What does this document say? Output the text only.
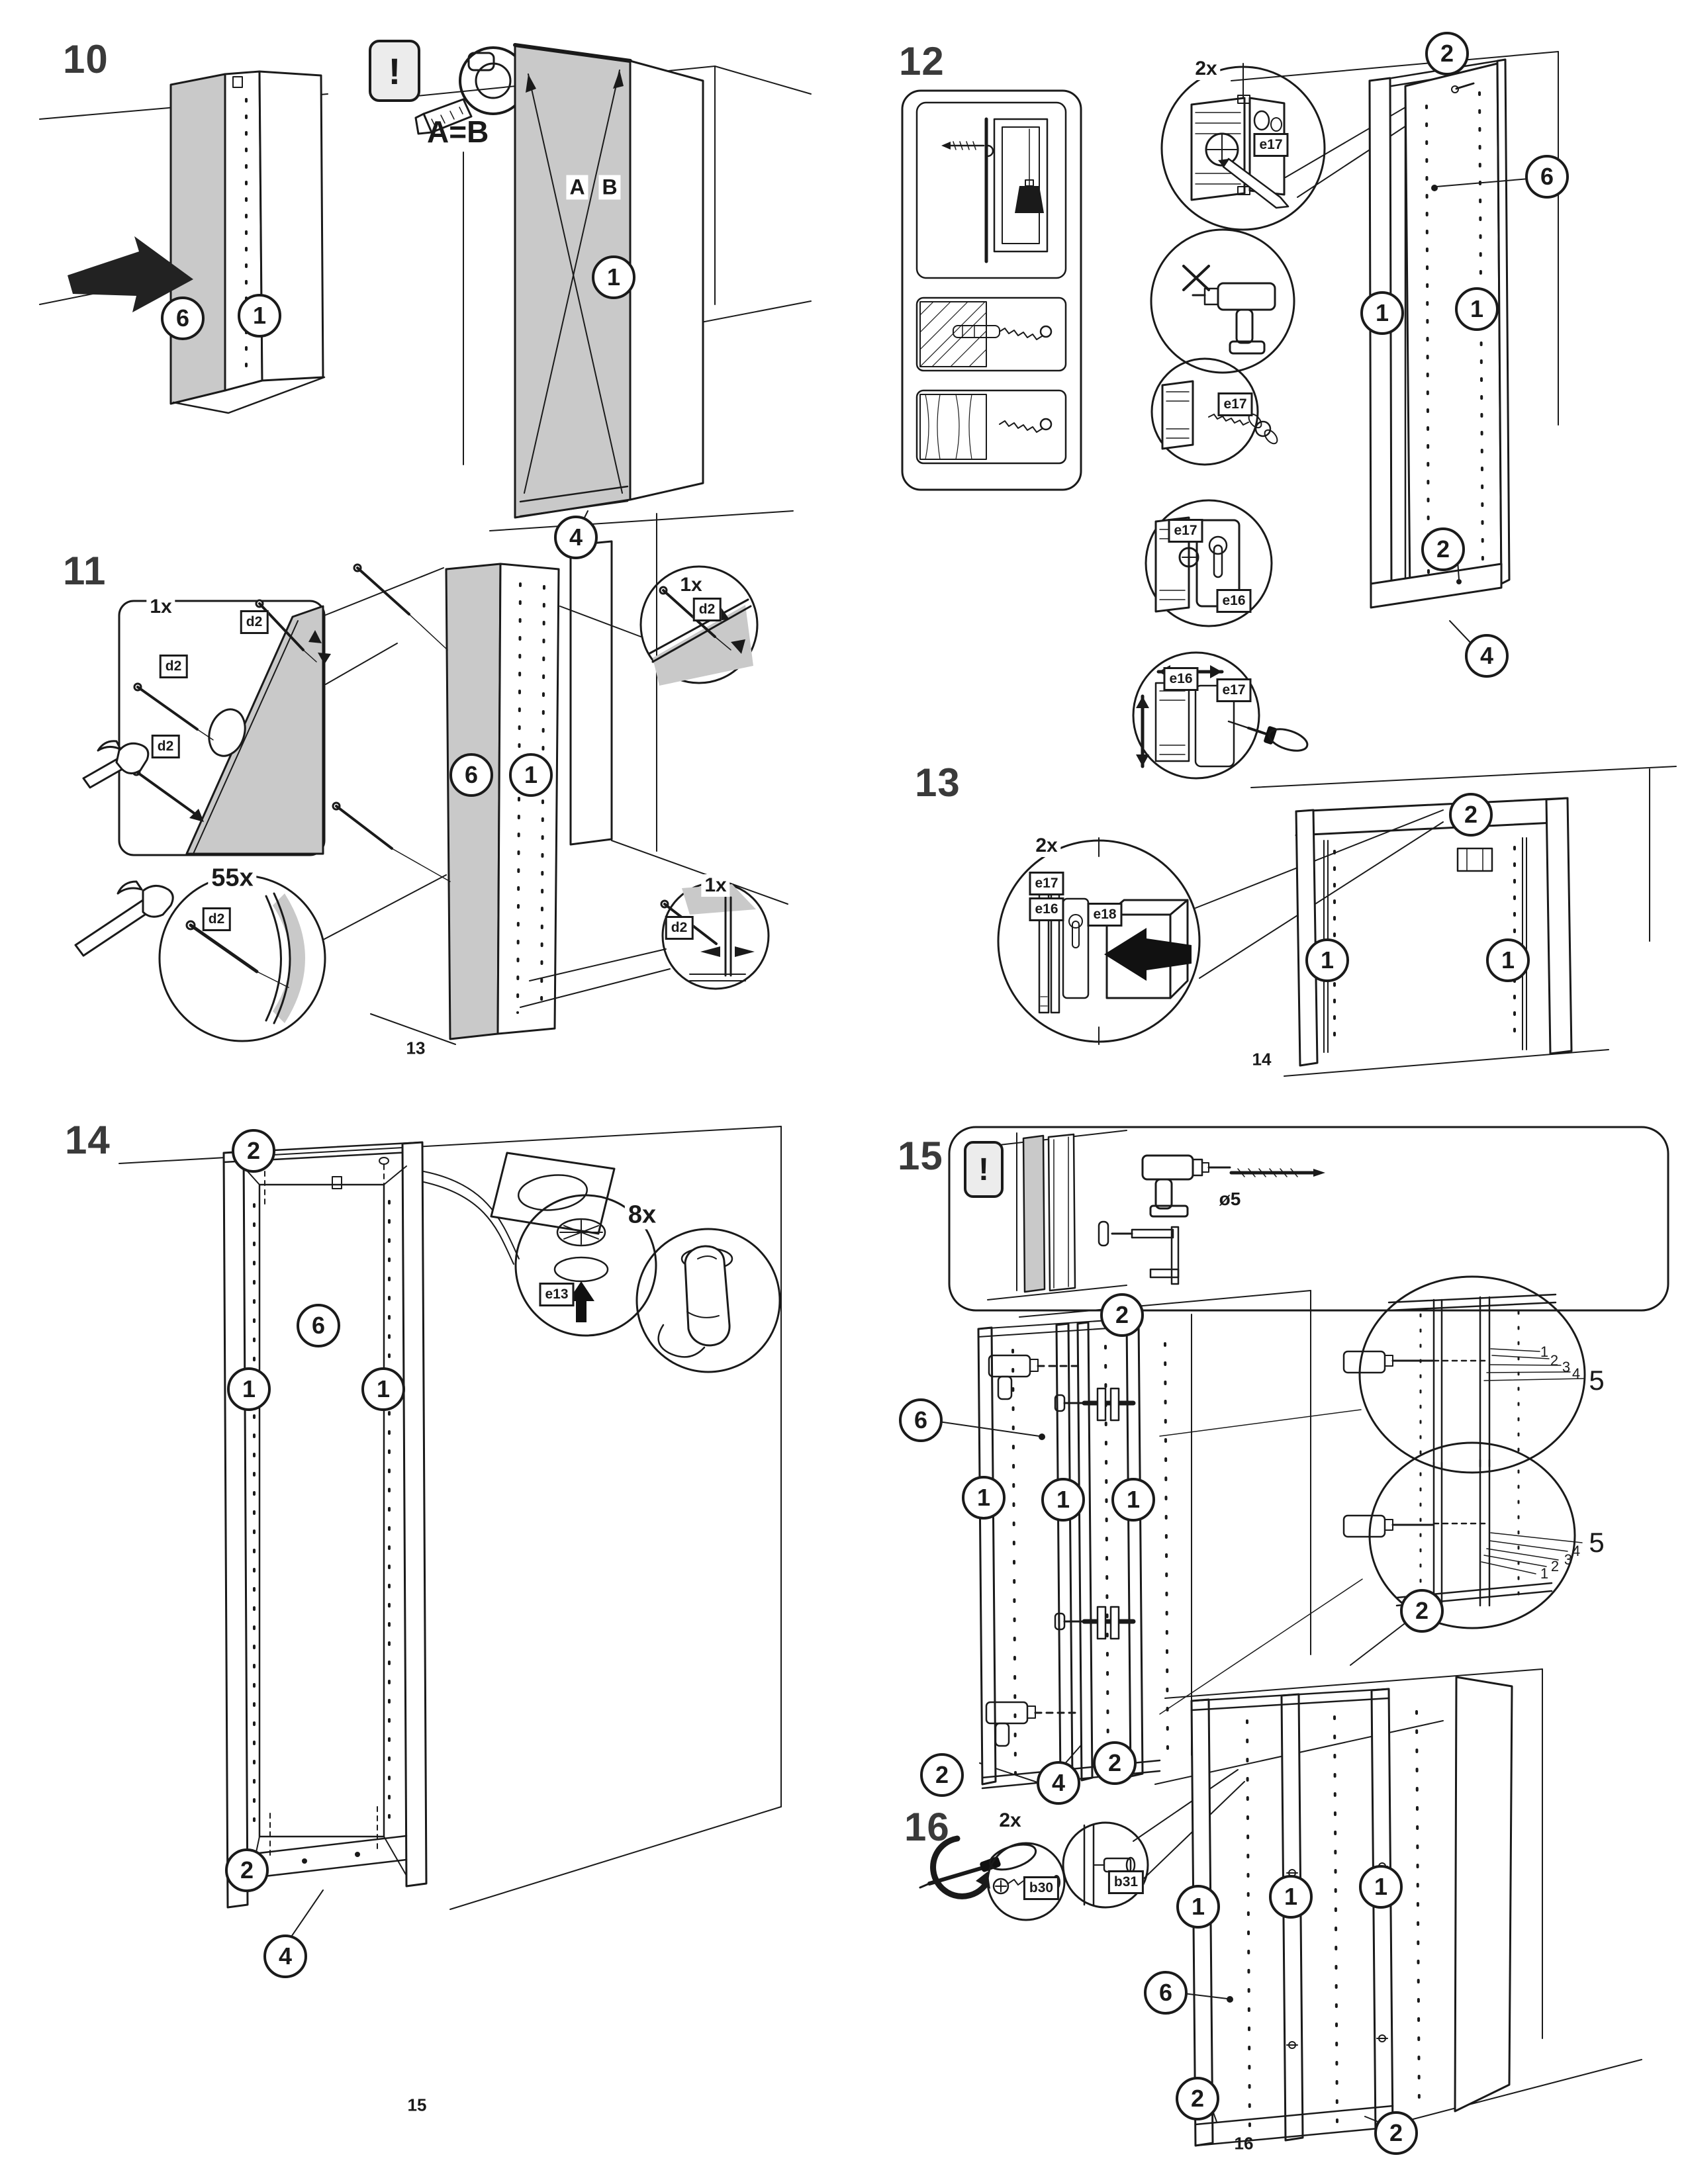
10	!
A=B
A B
6	1
1
4
11
1x
d2
d2
d2
1x
d2
1x
d2
55x
d2
6	1
13
12	2x
e17
e17
e17
e16
e16
e17
2
6
1	1
2
4
13
2x
e17
e16	e18
2
1	1
14
14
8x
e13
2
6
1	1
2
4
15
15	!
ø5
2
6
1	1	1
2	4
2
2
1
2 3 4 5
5
4
3
2
1
16 2x
b30	b31
1	1	1
6
2
2
16
